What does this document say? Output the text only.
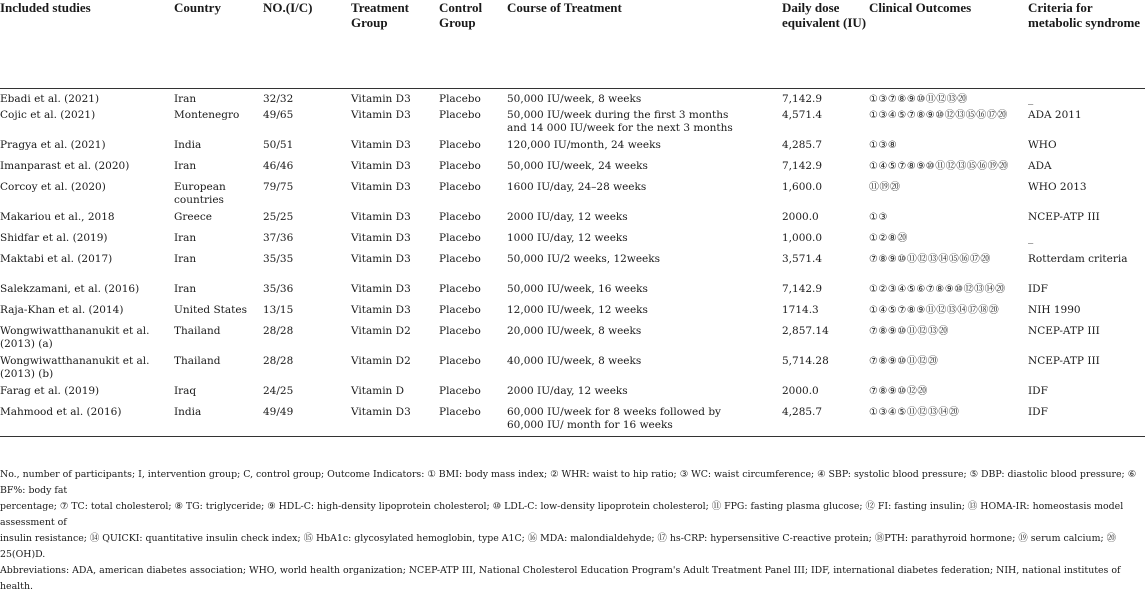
Included studies	Country	NO.(I/C)	Treatment Group	Control Group	Course of Treatment	Daily dose equivalent (IU)	Clinical Outcomes	Criteria for metabolic syndrome
Ebadi et al. (2021)	Iran	32/32	Vitamin D3	Placebo	50,000 IU/week, 8 weeks	7,142.9	①③⑦⑧⑨⑩⑪⑫⑬⑳	_
Cojic et al. (2021)	Montenegro	49/65	Vitamin D3	Placebo	50,000 IU/week during the first 3 months and 14 000 IU/week for the next 3 months	4,571.4	①③④⑤⑦⑧⑨⑩⑫⑬⑮⑯⑰⑳	ADA 2011
Pragya et al. (2021)	India	50/51	Vitamin D3	Placebo	120,000 IU/month, 24 weeks	4,285.7	①③⑧	WHO
Imanparast et al. (2020)	Iran	46/46	Vitamin D3	Placebo	50,000 IU/week, 24 weeks	7,142.9	①④⑤⑦⑧⑨⑩⑪⑫⑬⑮⑯⑲⑳	ADA
Corcoy et al. (2020)	European countries	79/75	Vitamin D3	Placebo	1600 IU/day, 24–28 weeks	1,600.0	⑪⑲⑳	WHO 2013
Makariou et al., 2018	Greece	25/25	Vitamin D3	Placebo	2000 IU/day, 12 weeks	2000.0	①③	NCEP-ATP III
Shidfar et al. (2019)	Iran	37/36	Vitamin D3	Placebo	1000 IU/day, 12 weeks	1,000.0	①②⑧⑳	_
Maktabi et al. (2017)	Iran	35/35	Vitamin D3	Placebo	50,000 IU/2 weeks, 12weeks	3,571.4	⑦⑧⑨⑩⑪⑫⑬⑭⑮⑯⑰⑳	Rotterdam criteria
Salekzamani, et al. (2016)	Iran	35/36	Vitamin D3	Placebo	50,000 IU/week, 16 weeks	7,142.9	①②③④⑤⑥⑦⑧⑨⑩⑫⑬⑭⑳	IDF
Raja-Khan et al. (2014)	United States	13/15	Vitamin D3	Placebo	12,000 IU/week, 12 weeks	1714.3	①④⑤⑦⑧⑨⑪⑫⑬⑭⑰⑱⑳	NIH 1990
Wongwiwatthananukit et al. (2013) (a)	Thailand	28/28	Vitamin D2	Placebo	20,000 IU/week, 8 weeks	2,857.14	⑦⑧⑨⑩⑪⑫⑬⑳	NCEP-ATP III
Wongwiwatthananukit et al. (2013) (b)	Thailand	28/28	Vitamin D2	Placebo	40,000 IU/week, 8 weeks	5,714.28	⑦⑧⑨⑩⑪⑫⑳	NCEP-ATP III
Farag et al. (2019)	Iraq	24/25	Vitamin D	Placebo	2000 IU/day, 12 weeks	2000.0	⑦⑧⑨⑩⑫⑳	IDF
Mahmood et al. (2016)	India	49/49	Vitamin D3	Placebo	60,000 IU/week for 8 weeks followed by 60,000 IU/ month for 16 weeks	4,285.7	①③④⑤⑪⑫⑬⑭⑳	IDF

No., number of participants; I, intervention group; C, control group; Outcome Indicators: ① BMI: body mass index; ② WHR: waist to hip ratio; ③ WC: waist circumference; ④ SBP: systolic blood pressure; ⑤ DBP: diastolic blood pressure; ⑥ BF%: body fat

percentage; ⑦ TC: total cholesterol; ⑧ TG: triglyceride; ⑨ HDL-C: high-density lipoprotein cholesterol; ⑩ LDL-C: low-density lipoprotein cholesterol; ⑪ FPG: fasting plasma glucose; ⑫ FI: fasting insulin; ⑬ HOMA-IR: homeostasis model assessment of

insulin resistance; ⑭ QUICKI: quantitative insulin check index; ⑮ HbA1c: glycosylated hemoglobin, type A1C; ⑯ MDA: malondialdehyde; ⑰ hs-CRP: hypersensitive C-reactive protein; ⑱PTH: parathyroid hormone; ⑲ serum calcium; ⑳ 25(OH)D.

Abbreviations: ADA, american diabetes association; WHO, world health organization; NCEP-ATP III, National Cholesterol Education Program's Adult Treatment Panel III; IDF, international diabetes federation; NIH, national institutes of health.
